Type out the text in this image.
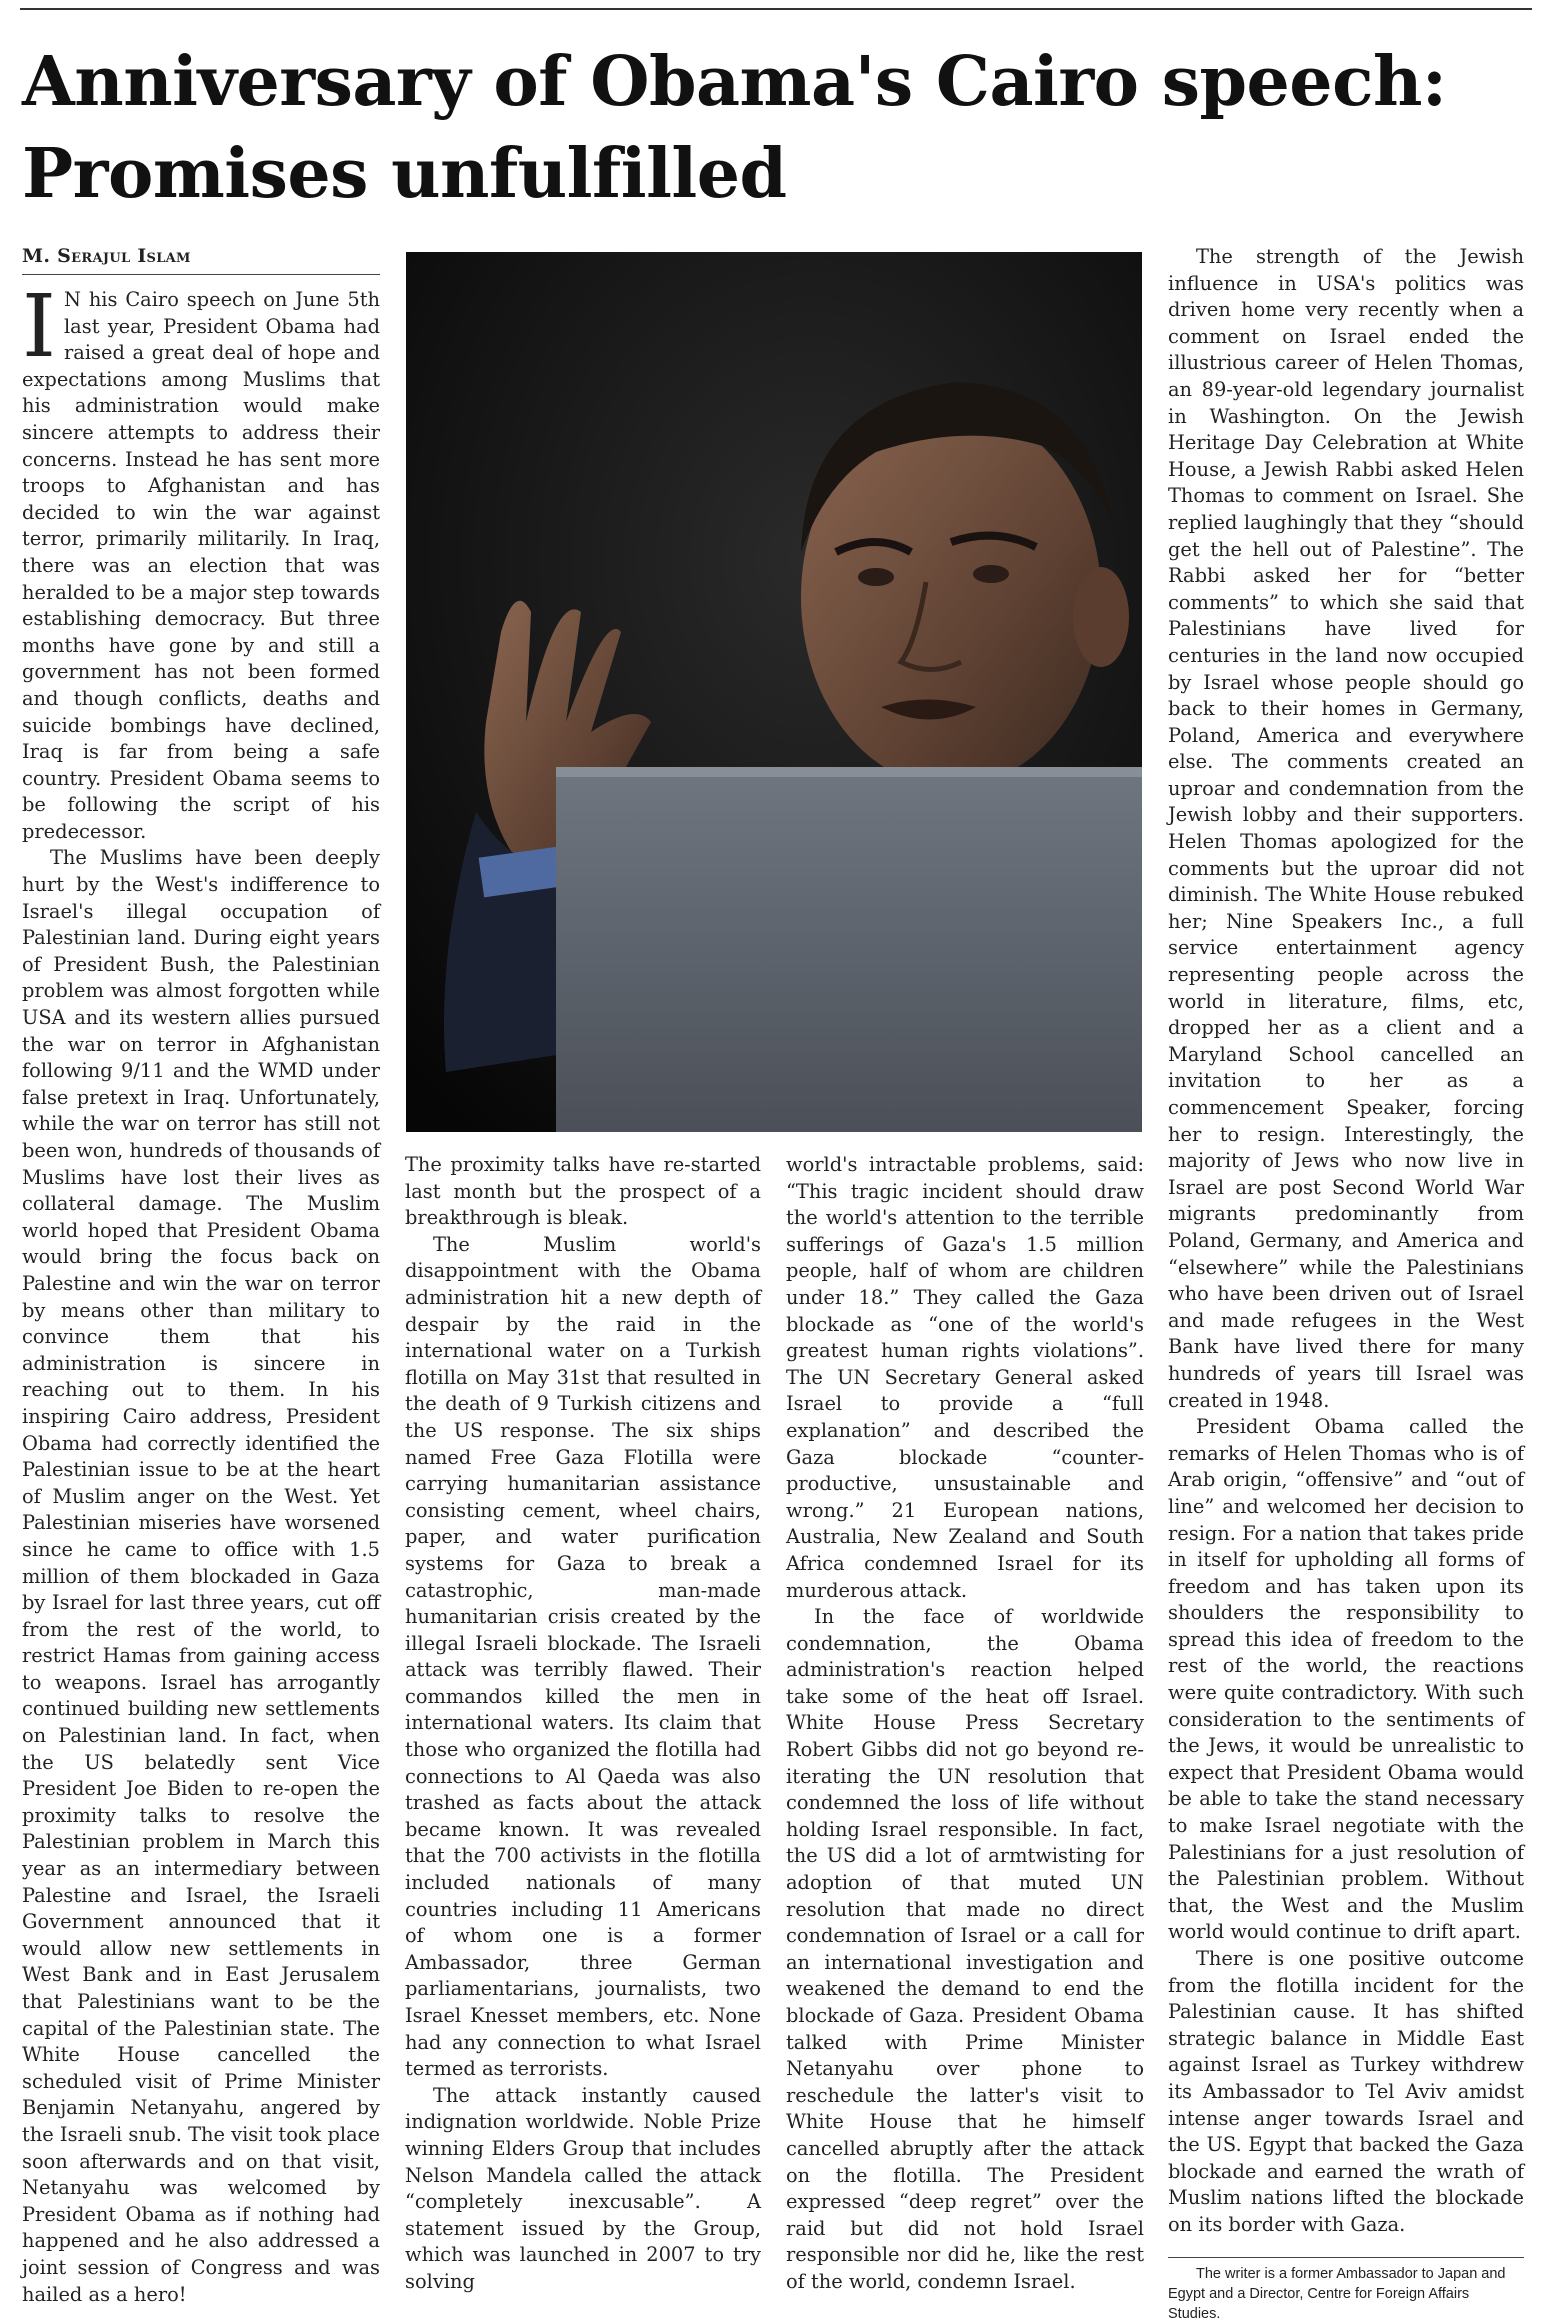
Anniversary of Obama's Cairo speech:
Promises unfulfilled
M. Serajul Islam

I N his Cairo speech on June 5th last year, President Obama had raised a great deal of hope and expectations among Muslims that his administration would make sincere attempts to address their concerns. Instead he has sent more troops to Afghanistan and has decided to win the war against terror, primarily militarily. In Iraq, there was an election that was heralded to be a major step towards establishing democracy. But three months have gone by and still a government has not been formed and though conflicts, deaths and suicide bombings have declined, Iraq is far from being a safe country. President Obama seems to be following the script of his predecessor.

The Muslims have been deeply hurt by the West's indifference to Israel's illegal occupation of Palestinian land. During eight years of President Bush, the Palestinian problem was almost forgotten while USA and its western allies pursued the war on terror in Afghanistan following 9/11 and the WMD under false pretext in Iraq. Unfortunately, while the war on terror has still not been won, hundreds of thousands of Muslims have lost their lives as collateral damage. The Muslim world hoped that President Obama would bring the focus back on Palestine and win the war on terror by means other than military to convince them that his administration is sincere in reaching out to them. In his inspiring Cairo address, President Obama had correctly identified the Palestinian issue to be at the heart of Muslim anger on the West. Yet Palestinian miseries have worsened since he came to office with 1.5 million of them blockaded in Gaza by Israel for last three years, cut off from the rest of the world, to restrict Hamas from gaining access to weapons. Israel has arrogantly continued building new settlements on Palestinian land. In fact, when the US belatedly sent Vice President Joe Biden to re-open the proximity talks to resolve the Palestinian problem in March this year as an intermediary between Palestine and Israel, the Israeli Government announced that it would allow new settlements in West Bank and in East Jerusalem that Palestinians want to be the capital of the Palestinian state. The White House cancelled the scheduled visit of Prime Minister Benjamin Netanyahu, angered by the Israeli snub. The visit took place soon afterwards and on that visit, Netanyahu was welcomed by President Obama as if nothing had happened and he also addressed a joint session of Congress and was hailed as a hero!

The proximity talks have re-started last month but the prospect of a breakthrough is bleak.

The Muslim world's disappointment with the Obama administration hit a new depth of despair by the raid in the international water on a Turkish flotilla on May 31st that resulted in the death of 9 Turkish citizens and the US response. The six ships named Free Gaza Flotilla were carrying humanitarian assistance consisting cement, wheel chairs, paper, and water purification systems for Gaza to break a catastrophic, man-made humanitarian crisis created by the illegal Israeli blockade. The Israeli attack was terribly flawed. Their commandos killed the men in international waters. Its claim that those who organized the flotilla had connections to Al Qaeda was also trashed as facts about the attack became known. It was revealed that the 700 activists in the flotilla included nationals of many countries including 11 Americans of whom one is a former Ambassador, three German parliamentarians, journalists, two Israel Knesset members, etc. None had any connection to what Israel termed as terrorists.

The attack instantly caused indignation worldwide. Noble Prize winning Elders Group that includes Nelson Mandela called the attack “completely inexcusable”. A statement issued by the Group, which was launched in 2007 to try solving

world's intractable problems, said: “This tragic incident should draw the world's attention to the terrible sufferings of Gaza's 1.5 million people, half of whom are children under 18.” They called the Gaza blockade as “one of the world's greatest human rights violations”. The UN Secretary General asked Israel to provide a “full explanation” and described the Gaza blockade “counter- productive, unsustainable and wrong.” 21 European nations, Australia, New Zealand and South Africa condemned Israel for its murderous attack.

In the face of worldwide condemnation, the Obama administration's reaction helped take some of the heat off Israel. White House Press Secretary Robert Gibbs did not go beyond re-iterating the UN resolution that condemned the loss of life without holding Israel responsible. In fact, the US did a lot of armtwisting for adoption of that muted UN resolution that made no direct condemnation of Israel or a call for an international investigation and weakened the demand to end the blockade of Gaza. President Obama talked with Prime Minister Netanyahu over phone to reschedule the latter's visit to White House that he himself cancelled abruptly after the attack on the flotilla. The President expressed “deep regret” over the raid but did not hold Israel responsible nor did he, like the rest of the world, condemn Israel.

The strength of the Jewish influence in USA's politics was driven home very recently when a comment on Israel ended the illustrious career of Helen Thomas, an 89-year-old legendary journalist in Washington. On the Jewish Heritage Day Celebration at White House, a Jewish Rabbi asked Helen Thomas to comment on Israel. She replied laughingly that they “should get the hell out of Palestine”. The Rabbi asked her for “better comments” to which she said that Palestinians have lived for centuries in the land now occupied by Israel whose people should go back to their homes in Germany, Poland, America and everywhere else. The comments created an uproar and condemnation from the Jewish lobby and their supporters. Helen Thomas apologized for the comments but the uproar did not diminish. The White House rebuked her; Nine Speakers Inc., a full service entertainment agency representing people across the world in literature, films, etc, dropped her as a client and a Maryland School cancelled an invitation to her as a commencement Speaker, forcing her to resign. Interestingly, the majority of Jews who now live in Israel are post Second World War migrants predominantly from Poland, Germany, and America and “elsewhere” while the Palestinians who have been driven out of Israel and made refugees in the West Bank have lived there for many hundreds of years till Israel was created in 1948.

President Obama called the remarks of Helen Thomas who is of Arab origin, “offensive” and “out of line” and welcomed her decision to resign. For a nation that takes pride in itself for upholding all forms of freedom and has taken upon its shoulders the responsibility to spread this idea of freedom to the rest of the world, the reactions were quite contradictory. With such consideration to the sentiments of the Jews, it would be unrealistic to expect that President Obama would be able to take the stand necessary to make Israel negotiate with the Palestinians for a just resolution of the Palestinian problem. Without that, the West and the Muslim world would continue to drift apart.

There is one positive outcome from the flotilla incident for the Palestinian cause. It has shifted strategic balance in Middle East against Israel as Turkey withdrew its Ambassador to Tel Aviv amidst intense anger towards Israel and the US. Egypt that backed the Gaza blockade and earned the wrath of Muslim nations lifted the blockade on its border with Gaza.

The writer is a former Ambassador to Japan and Egypt and a Director, Centre for Foreign Affairs Studies.
